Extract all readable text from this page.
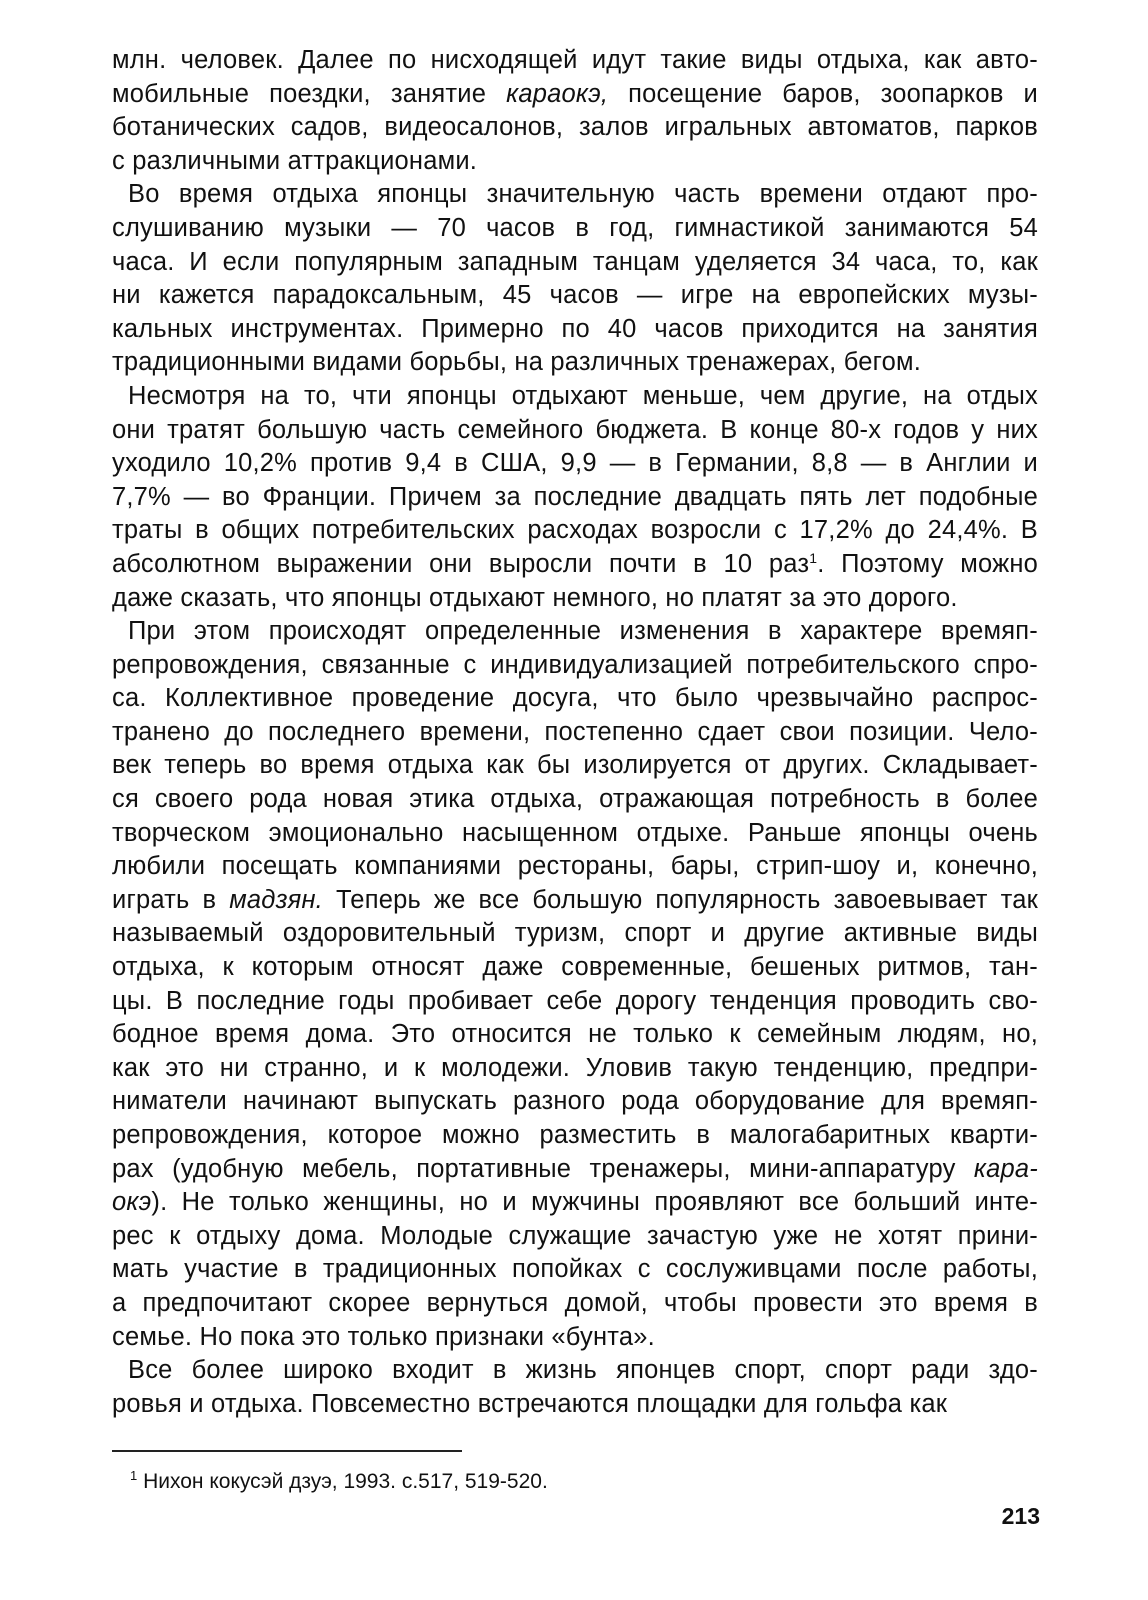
млн. человек. Далее по нисходящей идут такие виды отдыха, как авто-
мобильные поездки, занятие караокэ, посещение баров, зоопарков и
ботанических садов, видеосалонов, залов игральных автоматов, парков
с различными аттракционами.
Во время отдыха японцы значительную часть времени отдают про-
слушиванию музыки — 70 часов в год, гимнастикой занимаются 54
часа. И если популярным западным танцам уделяется 34 часа, то, как
ни кажется парадоксальным, 45 часов — игре на европейских музы-
кальных инструментах. Примерно по 40 часов приходится на занятия
традиционными видами борьбы, на различных тренажерах, бегом.
Несмотря на то, чти японцы отдыхают меньше, чем другие, на отдых
они тратят большую часть семейного бюджета. В конце 80-х годов у них
уходило 10,2% против 9,4 в США, 9,9 — в Германии, 8,8 — в Англии и
7,7% — во Франции. Причем за последние двадцать пять лет подобные
траты в общих потребительских расходах возросли с 17,2% до 24,4%. В
абсолютном выражении они выросли почти в 10 раз$^1$. Поэтому можно
даже сказать, что японцы отдыхают немного, но платят за это дорого.
При этом происходят определенные изменения в характере времяп-
репровождения, связанные с индивидуализацией потребительского спро-
са. Коллективное проведение досуга, что было чрезвычайно распрос-
транено до последнего времени, постепенно сдает свои позиции. Чело-
век теперь во время отдыха как бы изолируется от других. Складывает-
ся своего рода новая этика отдыха, отражающая потребность в более
творческом эмоционально насыщенном отдыхе. Раньше японцы очень
любили посещать компаниями рестораны, бары, стрип-шоу и, конечно,
играть в мадзян. Теперь же все большую популярность завоевывает так
называемый оздоровительный туризм, спорт и другие активные виды
отдыха, к которым относят даже современные, бешеных ритмов, тан-
цы. В последние годы пробивает себе дорогу тенденция проводить сво-
бодное время дома. Это относится не только к семейным людям, но,
как это ни странно, и к молодежи. Уловив такую тенденцию, предпри-
ниматели начинают выпускать разного рода оборудование для времяп-
репровождения, которое можно разместить в малогабаритных кварти-
рах (удобную мебель, портативные тренажеры, мини-аппаратуру кара-
окэ). Не только женщины, но и мужчины проявляют все больший инте-
рес к отдыху дома. Молодые служащие зачастую уже не хотят прини-
мать участие в традиционных попойках с сослуживцами после работы,
а предпочитают скорее вернуться домой, чтобы провести это время в
семье. Но пока это только признаки «бунта».
Все более широко входит в жизнь японцев спорт, спорт ради здо-
ровья и отдыха. Повсеместно встречаются площадки для гольфа как
$^1$ Нихон кокусэй дзуэ, 1993. с.517, 519-520.
213
